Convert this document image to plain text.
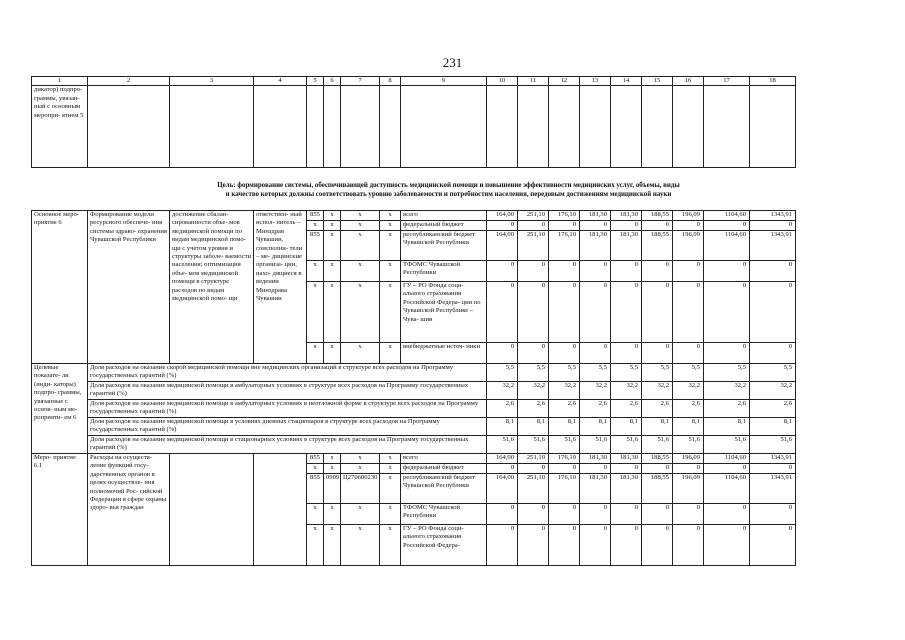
231
1	2	3	4	5	6	7	8	9	10	11	12	13	14	15	16	17	18
дикатор) подпро- граммы, увязан- ный с основным меропри- ятием 5																	
Цель: формирование системы, обеспечивающей доступность медицинской помощи и повышение эффективности медицинских услуг, объемы, виды
и качество которых должны соответствовать уровню заболеваемости и потребностям населения, передовым достижениям медицинской науки
Основное меро- приятие 6	Формирование модели ресурсного обеспече- ния системы здраво- охранения Чувашской Республики	достижение сбалан- сированности объе- мов медицинской помощи по видам медицинской помо- щи с учетом уровня и структуры заболе- ваемости населения; оптимизация объе- мов медицинской помощи в структуре расходов по видам медицинской помо- щи	ответствен- ный испол- нитель – Минздрав Чувашии, соисполни- тели – ме- дицинские организа- ции, нахо- дящиеся в ведении Минздрава Чувашии	855	x	x	x	всего	164,00	251,10	176,10	181,30	181,30	188,55	196,09	1104,60	1343,91
				x	x	x	x	федеральный бюджет	0	0	0	0	0	0	0	0	0
				855	x	x	x	республиканский бюджет Чувашской Республики	164,00	251,10	176,10	181,30	181,30	188,55	196,09	1104,60	1343,91
				x	x	x	x	ТФОМС Чувашской Республики	0	0	0	0	0	0	0	0	0
				x	x	x	x	ГУ – РО Фонда соци- ального страхования Российской Федера- ции по Чувашской Республике – Чува- шии	0	0	0	0	0	0	0	0	0
				x	x	x	x	внебюджетные источ- ники	0	0	0	0	0	0	0	0	0
Целевые показате- ли (инди- каторы) подпро- граммы, увязанные с основ- ным ме- роприяти- ем 6	Доля расходов на оказание скорой медицинской помощи вне медицинских организаций в структуре всех расходов на Программу государственных гарантий (%)								5,5	5,5	5,5	5,5	5,5	5,5	5,5	5,5	5,5
	Доля расходов на оказание медицинской помощи в амбулаторных условиях в структуре всех расходов на Программу государственных гарантий (%)								32,2	32,2	32,2	32,2	32,2	32,2	32,2	32,2	32,2
	Доля расходов на оказание медицинской помощи в амбулаторных условиях в неотложной форме в структуре всех расходов на Программу государственных гарантий (%)								2,6	2,6	2,6	2,6	2,6	2,6	2,6	2,6	2,6
	Доля расходов на оказание медицинской помощи в условиях дневных стационаров в структуре всех расходов на Программу государственных гарантий (%)								8,1	8,1	8,1	8,1	8,1	8,1	8,1	8,1	8,1
	Доля расходов на оказание медицинской помощи в стационарных условиях в структуре всех расходов на Программу государственных гарантий (%)								51,6	51,6	51,6	51,6	51,6	51,6	51,6	51,6	51,6
Меро- приятие 6.1	Расходы на осуществ- ление функций госу- дарственных органов в целях осуществле- ния полномочий Рос- сийской Федерации в сфере охраны здоро- вья граждан			855	x	x	x	всего	164,00	251,10	176,10	181,30	181,30	188,55	196,09	1104,60	1343,91
				x	x	x	x	федеральный бюджет	0	0	0	0	0	0	0	0	0
				855	0909	Ц2706002З0	x	республиканский бюджет Чувашской Республики	164,00	251,10	176,10	181,30	181,30	188,55	196,09	1104,60	1343,91
				x	x	x	x	ТФОМС Чувашской Республики	0	0	0	0	0	0	0	0	0
				x	x	x	x	ГУ – РО Фонда соци- ального страхования Российской Федера-	0	0	0	0	0	0	0	0	0
